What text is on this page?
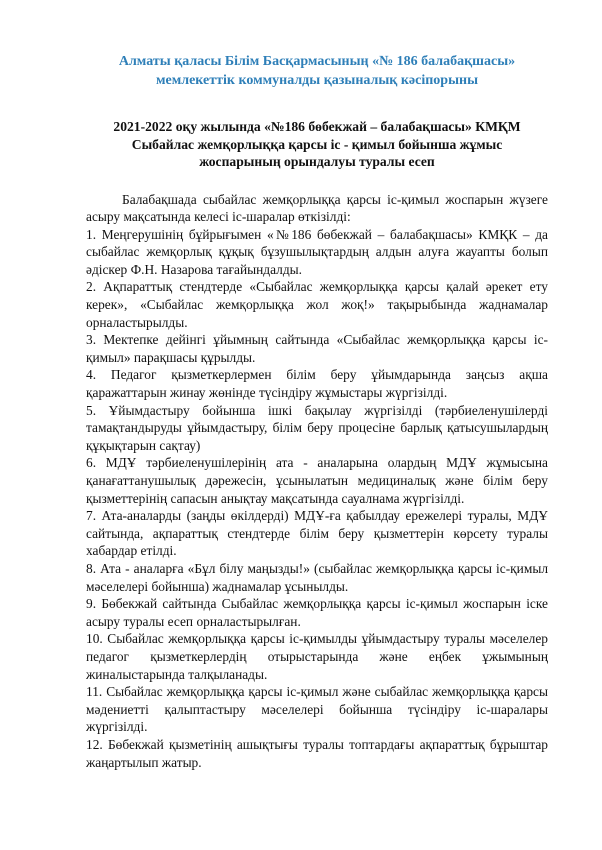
Алматы қаласы Білім Басқармасының «№ 186 балабақшасы»
мемлекеттік коммуналды қазыналық кәсіпорыны
2021-2022 оқу жылында «№186 бөбекжай – балабақшасы» КМҚМ
Сыбайлас жемқорлыққа қарсы іс - қимыл бойынша жұмыс
жоспарының орындалуы туралы есеп

Балабақшада сыбайлас жемқорлыққа қарсы іс-қимыл жоспарын жүзеге асыру мақсатында келесі іс-шаралар өткізілді:

1. Меңгерушінің бұйрығымен «№186 бөбекжай – балабақшасы» КМҚК – да сыбайлас жемқорлық құқық бұзушылықтардың алдын алуға жауапты болып әдіскер Ф.Н. Назарова тағайындалды.

2. Ақпараттық стендтерде «Сыбайлас жемқорлыққа қарсы қалай әрекет ету керек», «Сыбайлас жемқорлыққа жол жоқ!» тақырыбында жаднамалар орналастырылды.

3. Мектепке дейінгі ұйымның сайтында «Сыбайлас жемқорлыққа қарсы іс-қимыл» парақшасы құрылды.

4. Педагог қызметкерлермен білім беру ұйымдарында заңсыз ақша қаражаттарын жинау жөнінде түсіндіру жұмыстары жүргізілді.

5. Ұйымдастыру бойынша ішкі бақылау жүргізілді (тәрбиеленушілерді тамақтандыруды ұйымдастыру, білім беру процесіне барлық қатысушылардың құқықтарын сақтау)

6. МДҰ тәрбиеленушілерінің ата - аналарына олардың МДҰ жұмысына қанағаттанушылық дәрежесін, ұсынылатын медициналық және білім беру қызметтерінің сапасын анықтау мақсатында сауалнама жүргізілді.

7. Ата-аналарды (заңды өкілдерді) МДҰ-ға қабылдау ережелері туралы, МДҰ сайтында, ақпараттық стендтерде білім беру қызметтерін көрсету туралы хабардар етілді.

8. Ата - аналарға «Бұл білу маңызды!» (сыбайлас жемқорлыққа қарсы іс-қимыл мәселелері бойынша) жаднамалар ұсынылды.

9. Бөбекжай сайтында Сыбайлас жемқорлыққа қарсы іс-қимыл жоспарын іске асыру туралы есеп орналастырылған.

10. Сыбайлас жемқорлыққа қарсы іс-қимылды ұйымдастыру туралы мәселелер педагог қызметкерлердің отырыстарында және еңбек ұжымының жиналыстарында талқыланады.

11. Сыбайлас жемқорлыққа қарсы іс-қимыл және сыбайлас жемқорлыққа қарсы мәдениетті қалыптастыру мәселелері бойынша түсіндіру іс-шаралары жүргізілді.

12. Бөбекжай қызметінің ашықтығы туралы топтардағы ақпараттық бұрыштар жаңартылып жатыр.
